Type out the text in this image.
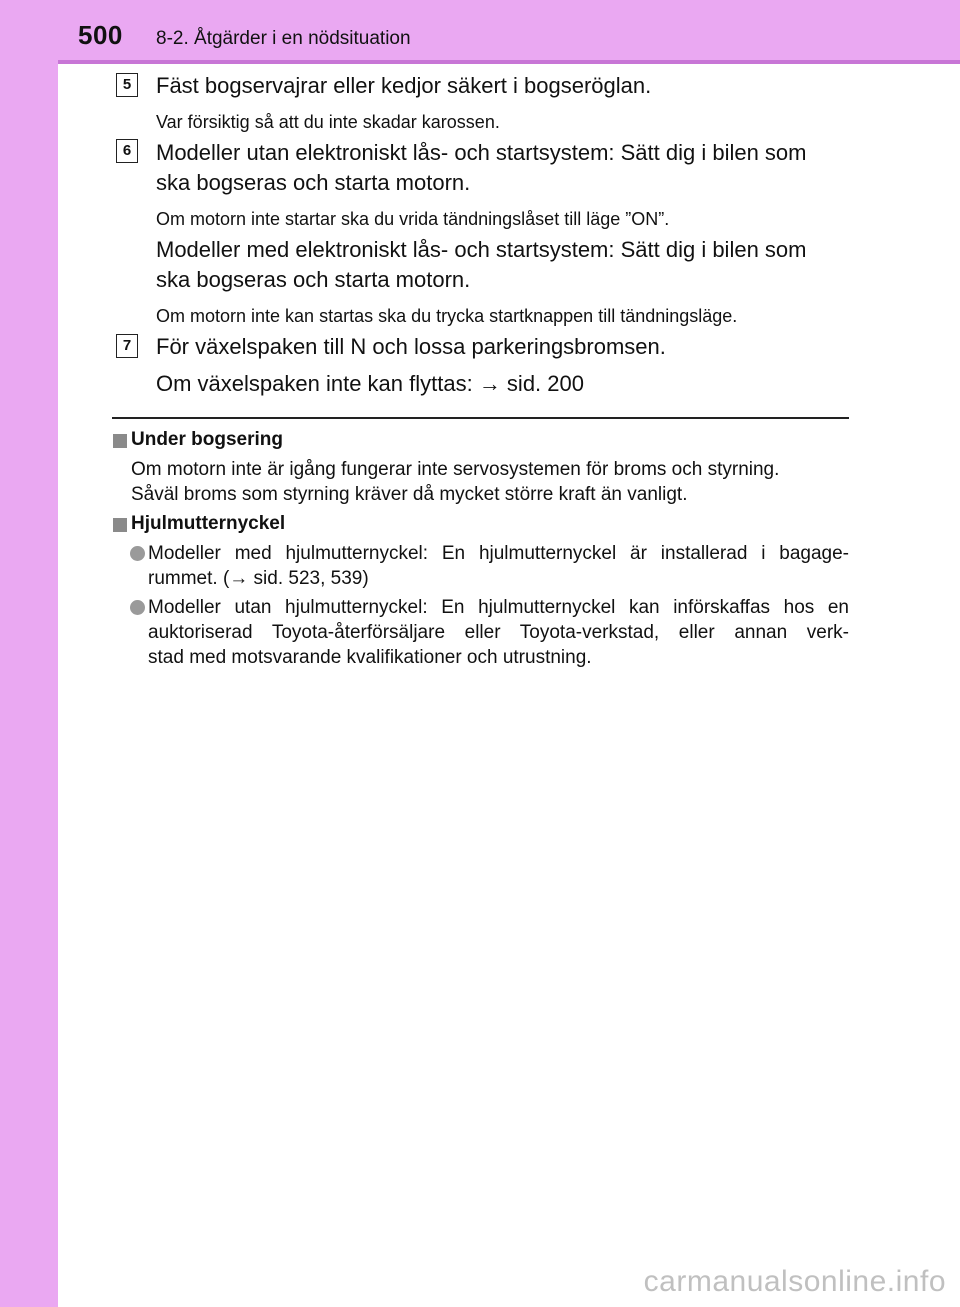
500 8-2. Åtgärder i en nödsituation
5	Fäst bogservajrar eller kedjor säkert i bogseröglan.
Var försiktig så att du inte skadar karossen.
6	Modeller utan elektroniskt lås- och startsystem: Sätt dig i bilen som
ska bogseras och starta motorn.
Om motorn inte startar ska du vrida tändningslåset till läge ”ON”.
Modeller med elektroniskt lås- och startsystem: Sätt dig i bilen som
ska bogseras och starta motorn.
Om motorn inte kan startas ska du trycka startknappen till tändningsläge.
7	För växelspaken till N och lossa parkeringsbromsen.
Om växelspaken inte kan flyttas: → sid. 200
Under bogsering
Om motorn inte är igång fungerar inte servosystemen för broms och styrning.
Såväl broms som styrning kräver då mycket större kraft än vanligt.
Hjulmutternyckel
Modeller med hjulmutternyckel: En hjulmutternyckel är installerad i bagage-
rummet. (→ sid. 523, 539)
Modeller utan hjulmutternyckel: En hjulmutternyckel kan införskaffas hos en
auktoriserad Toyota-återförsäljare eller Toyota-verkstad, eller annan verk-
stad med motsvarande kvalifikationer och utrustning.
carmanualsonline.info
